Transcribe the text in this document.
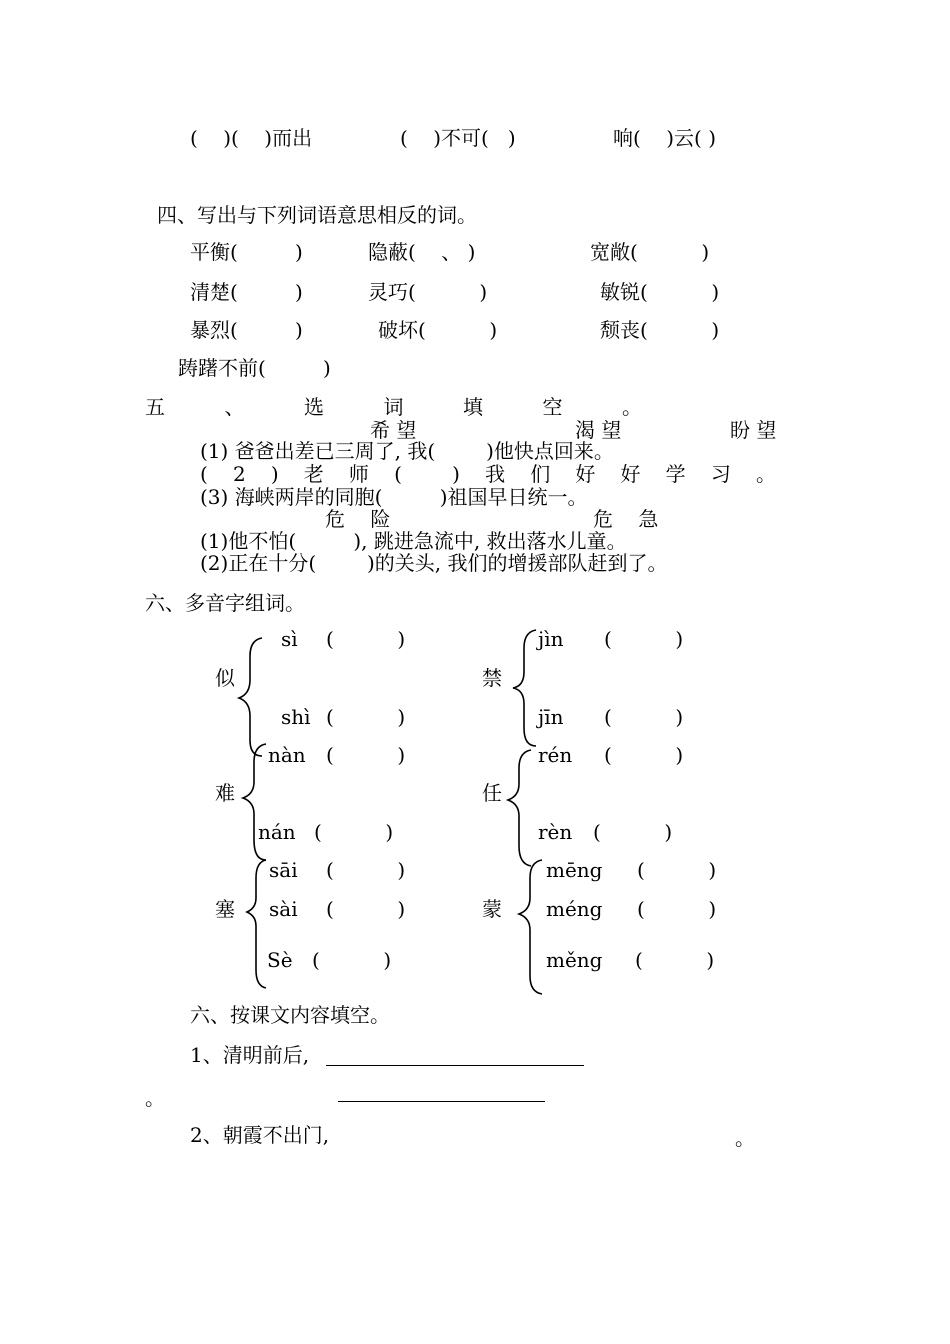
(    )(    )而出	(    )不可(   )	响(    )云( )
四、写出与下列词语意思相反的词。
平衡(         )	隐蔽(    、 )	宽敞(          )
清楚(         )	灵巧(          )	敏锐(          )
暴烈(         )	破坏(          )	颓丧(          )
踌躇不前(         )
五	、	选	词	填	空	。
希 望	渴 望	盼 望
(1) 爸爸出差已三周了, 我(        )他快点回来。
( 2 ) 老 师 (	) 我 们 好 好 学 习 。
(3) 海峡两岸的同胞(         )祖国早日统一。
危    险	危    急
(1)他不怕(         ), 跳进急流中, 救出落水儿童。
(2)正在十分(        )的关头, 我们的增援部队赶到了。
六、多音字组词。
似
sì (          )
shì (          )
禁
jìn (          )
jīn (          )
难
nàn (          )
nán (          )
任
rén (          )
rèn (          )
塞
sāi (          )
sài (          )
Sè (          )
蒙
mēng (          )
méng (          )
měng (          )
六、按课文内容填空。
1、清明前后,
。
2、朝霞不出门,	。
